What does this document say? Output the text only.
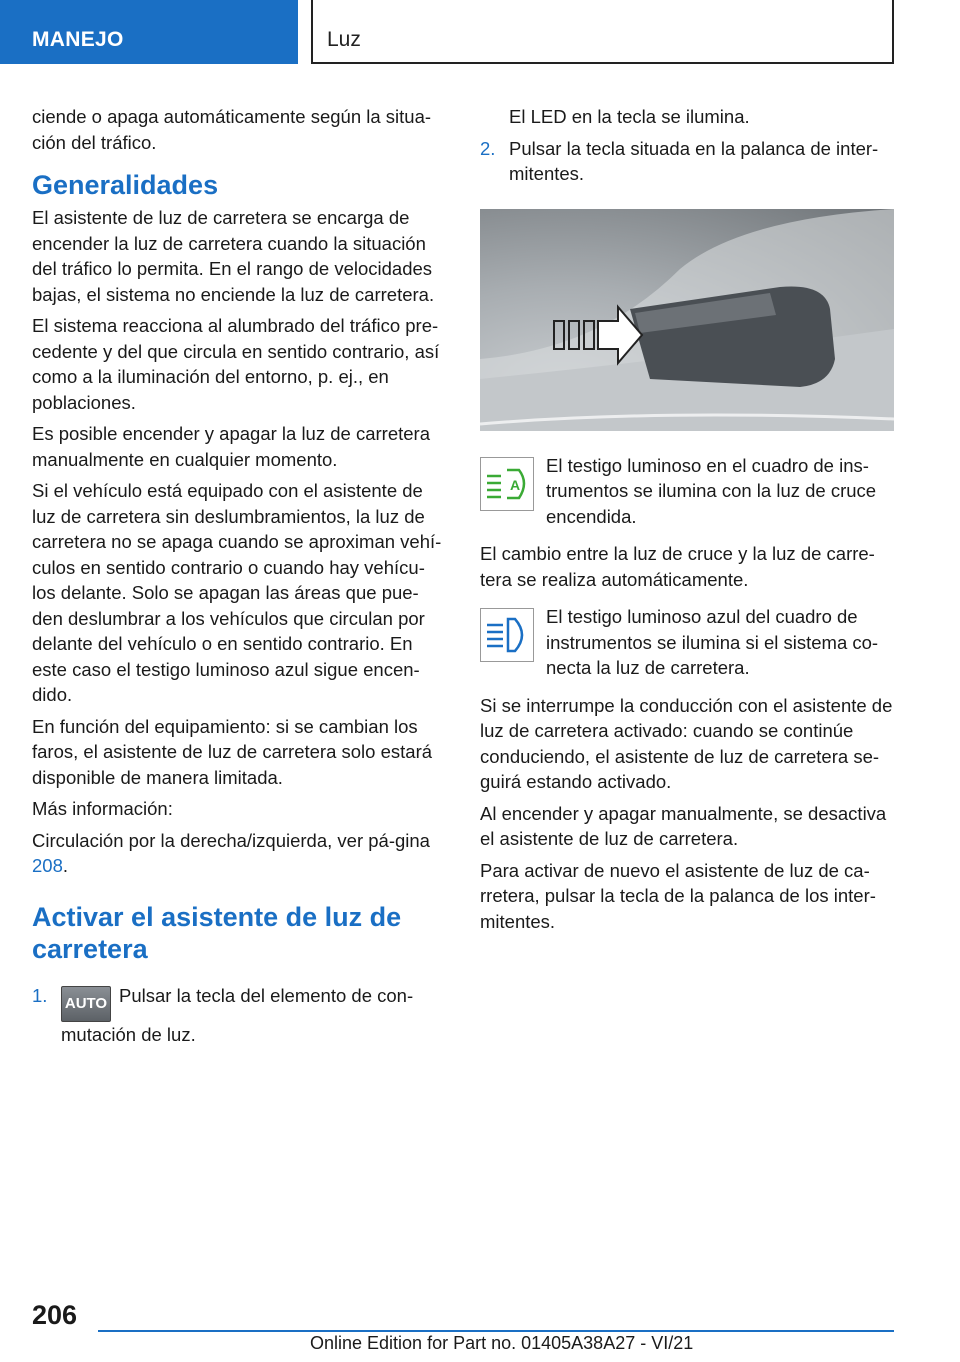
MANEJO	Luz

ciende o apaga automáticamente según la situa-ción del tráfico.

Generalidades

El asistente de luz de carretera se encarga de encender la luz de carretera cuando la situación del tráfico lo permita. En el rango de velocidades bajas, el sistema no enciende la luz de carretera.

El sistema reacciona al alumbrado del tráfico pre-cedente y del que circula en sentido contrario, así como a la iluminación del entorno, p. ej., en poblaciones.

Es posible encender y apagar la luz de carretera manualmente en cualquier momento.

Si el vehículo está equipado con el asistente de luz de carretera sin deslumbramientos, la luz de carretera no se apaga cuando se aproximan vehí-culos en sentido contrario o cuando hay vehícu-los delante. Solo se apagan las áreas que pue-den deslumbrar a los vehículos que circulan por delante del vehículo o en sentido contrario. En este caso el testigo luminoso azul sigue encen-dido.

En función del equipamiento: si se cambian los faros, el asistente de luz de carretera solo estará disponible de manera limitada.

Más información:

Circulación por la derecha/izquierda, ver pá-gina 208.

Activar el asistente de luz de carretera
1. AUTO Pulsar la tecla del elemento de con-mutación de luz.

El LED en la tecla se ilumina.

2. Pulsar la tecla situada en la palanca de inter-mitentes.
A
El testigo luminoso en el cuadro de ins-trumentos se ilumina con la luz de cruce encendida.

El cambio entre la luz de cruce y la luz de carre-tera se realiza automáticamente.

El testigo luminoso azul del cuadro de instrumentos se ilumina si el sistema co-necta la luz de carretera.

Si se interrumpe la conducción con el asistente de luz de carretera activado: cuando se continúe conduciendo, el asistente de luz de carretera se-guirá estando activado.

Al encender y apagar manualmente, se desactiva el asistente de luz de carretera.

Para activar de nuevo el asistente de luz de ca-rretera, pulsar la tecla de la palanca de los inter-mitentes.

206
Online Edition for Part no. 01405A38A27 - VI/21
